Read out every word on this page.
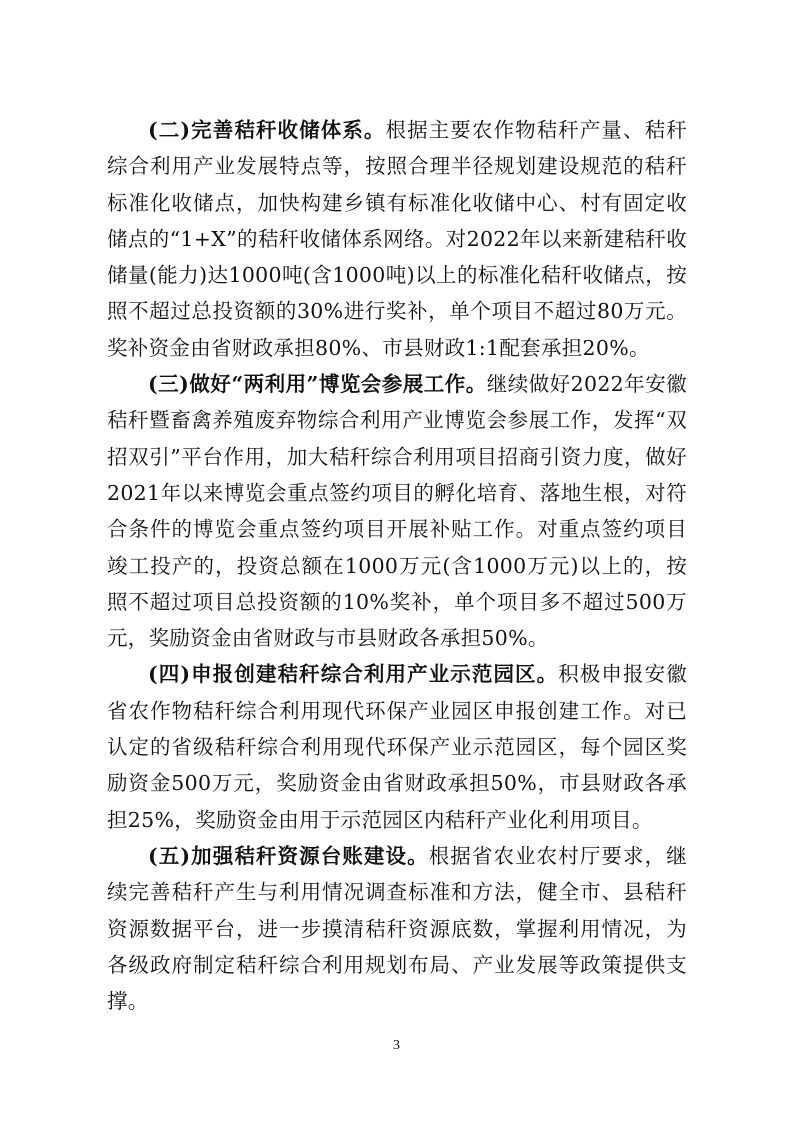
(二)完善秸秆收储体系。根据主要农作物秸秆产量、秸秆综合利用产业发展特点等，按照合理半径规划建设规范的秸秆标准化收储点，加快构建乡镇有标准化收储中心、村有固定收储点的“1+X”的秸秆收储体系网络。对2022年以来新建秸秆收储量(能力)达1000吨(含1000吨)以上的标准化秸秆收储点，按照不超过总投资额的30%进行奖补，单个项目不超过80万元。奖补资金由省财政承担80%、市县财政1:1配套承担20%。

(三)做好“两利用”博览会参展工作。继续做好2022年安徽秸秆暨畜禽养殖废弃物综合利用产业博览会参展工作，发挥“双招双引”平台作用，加大秸秆综合利用项目招商引资力度，做好2021年以来博览会重点签约项目的孵化培育、落地生根，对符合条件的博览会重点签约项目开展补贴工作。对重点签约项目竣工投产的，投资总额在1000万元(含1000万元)以上的，按照不超过项目总投资额的10%奖补，单个项目多不超过500万元，奖励资金由省财政与市县财政各承担50%。

(四)申报创建秸秆综合利用产业示范园区。积极申报安徽省农作物秸秆综合利用现代环保产业园区申报创建工作。对已认定的省级秸秆综合利用现代环保产业示范园区，每个园区奖励资金500万元，奖励资金由省财政承担50%，市县财政各承担25%，奖励资金由用于示范园区内秸秆产业化利用项目。

(五)加强秸秆资源台账建设。根据省农业农村厅要求，继续完善秸秆产生与利用情况调查标准和方法，健全市、县秸秆资源数据平台，进一步摸清秸秆资源底数，掌握利用情况，为各级政府制定秸秆综合利用规划布局、产业发展等政策提供支撑。

3
